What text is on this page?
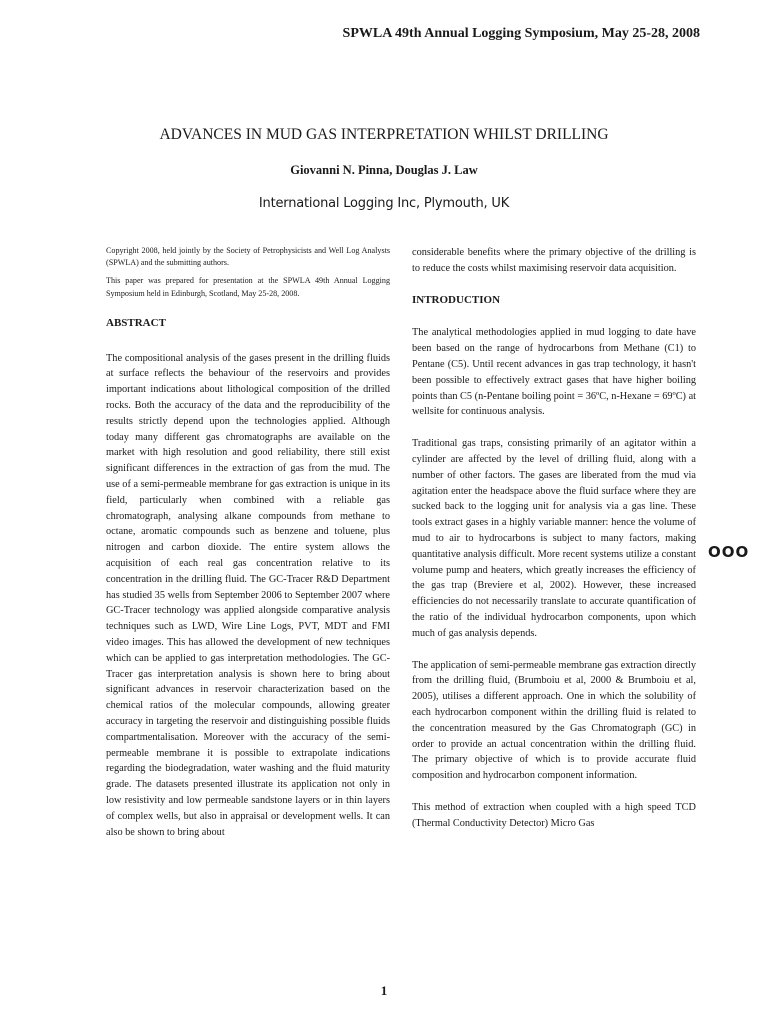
SPWLA 49th Annual Logging Symposium, May 25-28, 2008
ADVANCES IN MUD GAS INTERPRETATION WHILST DRILLING
Giovanni N. Pinna, Douglas J. Law
International Logging Inc, Plymouth, UK

Copyright 2008, held jointly by the Society of Petrophysicists and Well Log Analysts (SPWLA) and the submitting authors.

This paper was prepared for presentation at the SPWLA 49th Annual Logging Symposium held in Edinburgh, Scotland, May 25-28, 2008.

ABSTRACT

The compositional analysis of the gases present in the drilling fluids at surface reflects the behaviour of the reservoirs and provides important indications about lithological composition of the drilled rocks. Both the accuracy of the data and the reproducibility of the results strictly depend upon the technologies applied. Although today many different gas chromatographs are available on the market with high resolution and good reliability, there still exist significant differences in the extraction of gas from the mud. The use of a semi-permeable membrane for gas extraction is unique in its field, particularly when combined with a reliable gas chromatograph, analysing alkane compounds from methane to octane, aromatic compounds such as benzene and toluene, plus nitrogen and carbon dioxide. The entire system allows the acquisition of each real gas concentration relative to its concentration in the drilling fluid. The GC-Tracer R&D Department has studied 35 wells from September 2006 to September 2007 where GC-Tracer technology was applied alongside comparative analysis techniques such as LWD, Wire Line Logs, PVT, MDT and FMI video images. This has allowed the development of new techniques which can be applied to gas interpretation methodologies. The GC-Tracer gas interpretation analysis is shown here to bring about significant advances in reservoir characterization based on the chemical ratios of the molecular compounds, allowing greater accuracy in targeting the reservoir and distinguishing possible fluids compartmentalisation. Moreover with the accuracy of the semi-permeable membrane it is possible to extrapolate indications regarding the biodegradation, water washing and the fluid maturity grade. The datasets presented illustrate its application not only in low resistivity and low permeable sandstone layers or in thin layers of complex wells, but also in appraisal or development wells. It can also be shown to bring about

considerable benefits where the primary objective of the drilling is to reduce the costs whilst maximising reservoir data acquisition.

INTRODUCTION

The analytical methodologies applied in mud logging to date have been based on the range of hydrocarbons from Methane (C1) to Pentane (C5). Until recent advances in gas trap technology, it hasn't been possible to effectively extract gases that have higher boiling points than C5 (n-Pentane boiling point = 36ºC, n-Hexane = 69ºC) at wellsite for continuous analysis.

Traditional gas traps, consisting primarily of an agitator within a cylinder are affected by the level of drilling fluid, along with a number of other factors. The gases are liberated from the mud via agitation enter the headspace above the fluid surface where they are sucked back to the logging unit for analysis via a gas line. These tools extract gases in a highly variable manner: hence the volume of mud to air to hydrocarbons is subject to many factors, making quantitative analysis difficult. More recent systems utilize a constant volume pump and heaters, which greatly increases the efficiency of the gas trap (Breviere et al, 2002). However, these increased efficiencies do not necessarily translate to accurate quantification of the ratio of the individual hydrocarbon components, upon which much of gas analysis depends.

The application of semi-permeable membrane gas extraction directly from the drilling fluid, (Brumboiu et al, 2000 & Brumboiu et al, 2005), utilises a different approach. One in which the solubility of each hydrocarbon component within the drilling fluid is related to the concentration measured by the Gas Chromatograph (GC) in order to provide an actual concentration within the drilling fluid. The primary objective of which is to provide accurate fluid composition and hydrocarbon component information.

This method of extraction when coupled with a high speed TCD (Thermal Conductivity Detector) Micro Gas

OOO
1
